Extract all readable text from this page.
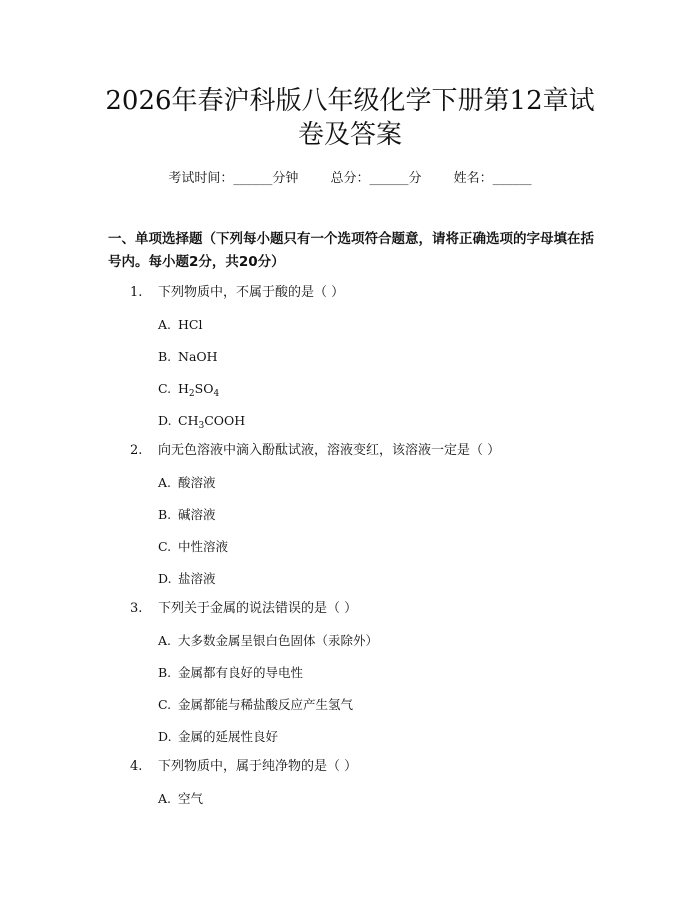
2026年春沪科版八年级化学下册第12章试
卷及答案
考试时间：______分钟 总分：______分 姓名：______
一、单项选择题（下列每小题只有一个选项符合题意，请将正确选项的字母填在括号内。每小题2分，共20分）
1. 下列物质中，不属于酸的是（ ）
A. HCl
B. NaOH
C. $H_2SO_4$
D. $CH_3COOH$
2. 向无色溶液中滴入酚酞试液，溶液变红，该溶液一定是（ ）
A. 酸溶液
B. 碱溶液
C. 中性溶液
D. 盐溶液
3. 下列关于金属的说法错误的是（ ）
A. 大多数金属呈银白色固体（汞除外）
B. 金属都有良好的导电性
C. 金属都能与稀盐酸反应产生氢气
D. 金属的延展性良好
4. 下列物质中，属于纯净物的是（ ）
A. 空气
